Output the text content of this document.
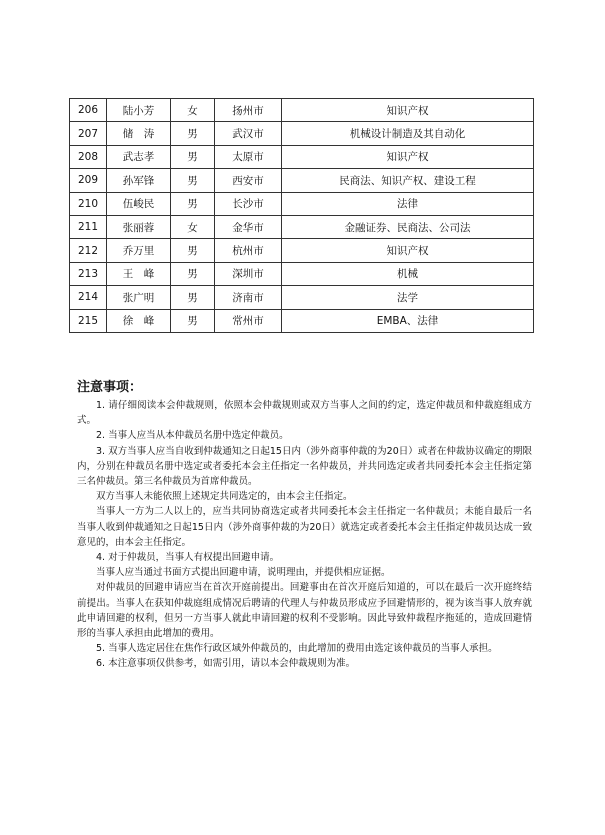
206	陆小芳	女	扬州市	知识产权
207	储　涛	男	武汉市	机械设计制造及其自动化
208	武志孝	男	太原市	知识产权
209	孙军锋	男	西安市	民商法、知识产权、建设工程
210	伍峻民	男	长沙市	法律
211	张丽蓉	女	金华市	金融证券、民商法、公司法
212	乔万里	男	杭州市	知识产权
213	王　峰	男	深圳市	机械
214	张广明	男	济南市	法学
215	徐　峰	男	常州市	EMBA、法律
注意事项：

1. 请仔细阅读本会仲裁规则，依照本会仲裁规则或双方当事人之间的约定，选定仲裁员和仲裁庭组成方式。

2. 当事人应当从本仲裁员名册中选定仲裁员。

3. 双方当事人应当自收到仲裁通知之日起15日内（涉外商事仲裁的为20日）或者在仲裁协议确定的期限内，分别在仲裁员名册中选定或者委托本会主任指定一名仲裁员，并共同选定或者共同委托本会主任指定第三名仲裁员。第三名仲裁员为首席仲裁员。

双方当事人未能依照上述规定共同选定的，由本会主任指定。

当事人一方为二人以上的，应当共同协商选定或者共同委托本会主任指定一名仲裁员；未能自最后一名当事人收到仲裁通知之日起15日内（涉外商事仲裁的为20日）就选定或者委托本会主任指定仲裁员达成一致意见的，由本会主任指定。

4. 对于仲裁员，当事人有权提出回避申请。

当事人应当通过书面方式提出回避申请，说明理由，并提供相应证据。

对仲裁员的回避申请应当在首次开庭前提出。回避事由在首次开庭后知道的，可以在最后一次开庭终结前提出。当事人在获知仲裁庭组成情况后聘请的代理人与仲裁员形成应予回避情形的，视为该当事人放弃就此申请回避的权利，但另一方当事人就此申请回避的权利不受影响。因此导致仲裁程序拖延的，造成回避情形的当事人承担由此增加的费用。

5. 当事人选定居住在焦作行政区域外仲裁员的，由此增加的费用由选定该仲裁员的当事人承担。

6. 本注意事项仅供参考，如需引用，请以本会仲裁规则为准。
